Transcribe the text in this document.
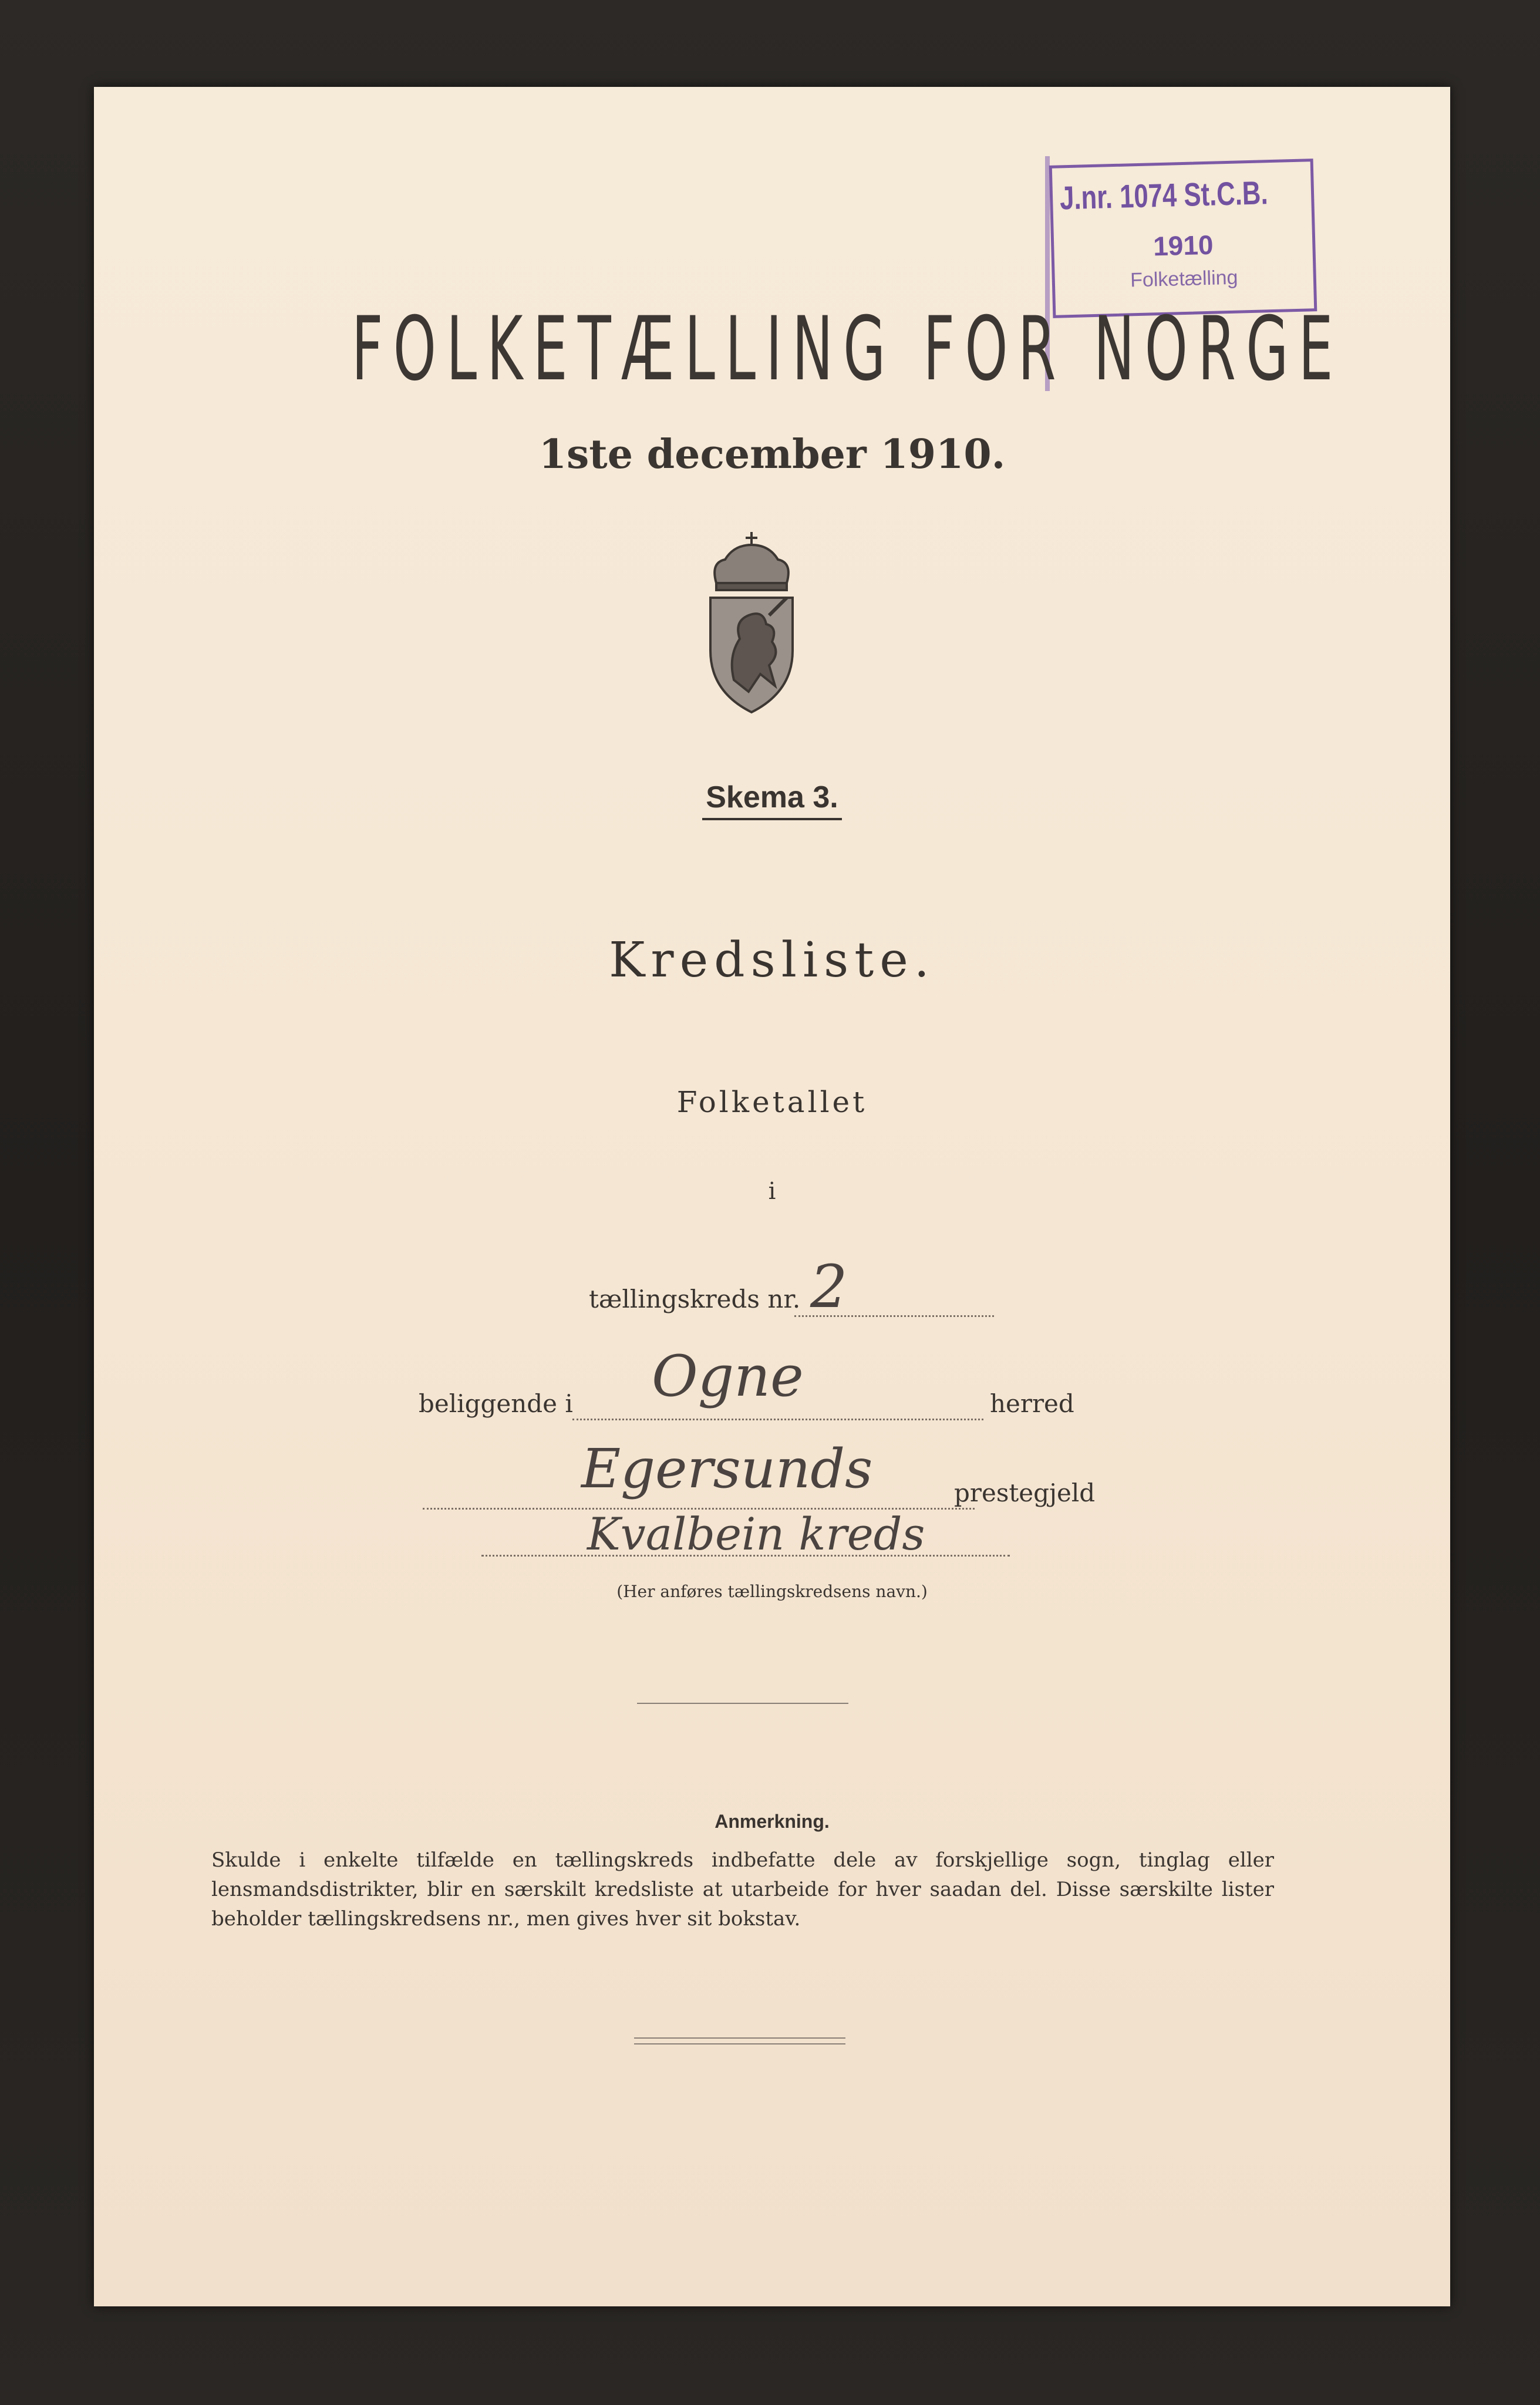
J.nr. 1074 St.C.B.
1910
Folketælling
FOLKETÆLLING FOR NORGE
1ste december 1910.
Skema 3.
Kredsliste.
Folketallet
i
tællingskreds nr. 2
beliggende i Ogne	herred
Egersunds	prestegjeld
Kvalbein kreds
(Her anføres tællingskredsens navn.)
Anmerkning.
Skulde i enkelte tilfælde en tællingskreds indbefatte dele av forskjellige sogn, tinglag eller lensmandsdistrikter, blir en særskilt kredsliste at utarbeide for hver saadan del. Disse særskilte lister beholder tællingskredsens nr., men gives hver sit bokstav.
